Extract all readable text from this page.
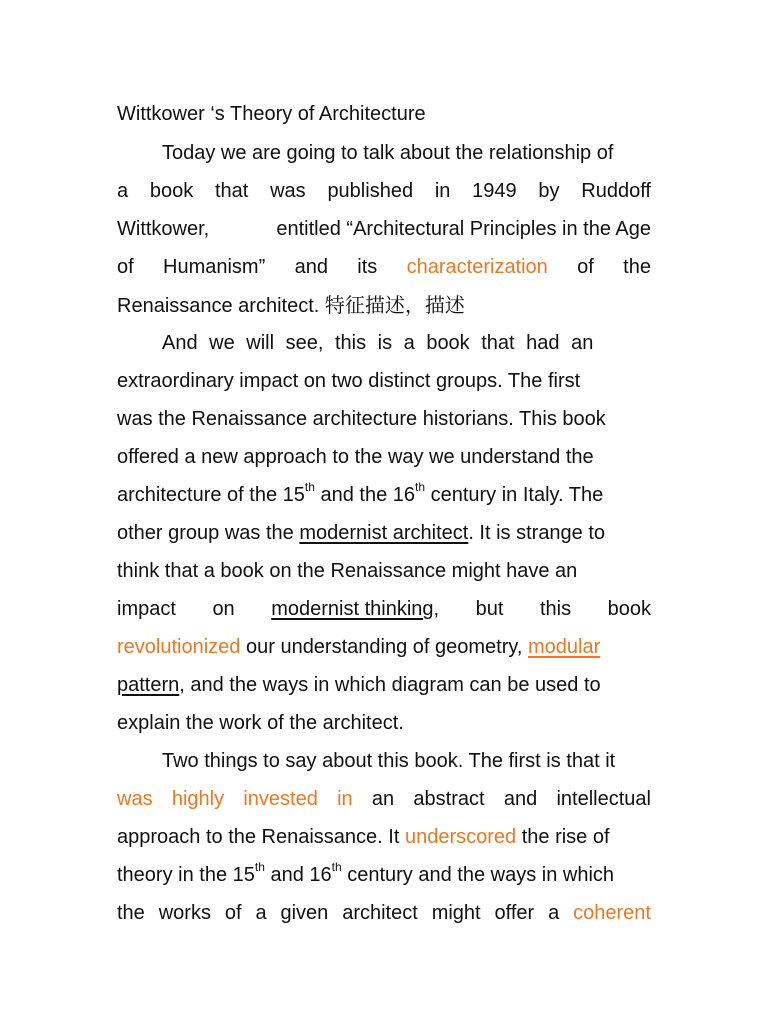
Wittkower ‘s Theory of Architecture
Today we are going to talk about the relationship of
a book that was published in 1949 by Ruddoff
Wittkower,	entitled “Architectural Principles in the Age
of Humanism” and its characterization of the
Renaissance architect. 特征描述，描述
And we will see, this is a book that had an
extraordinary impact on two distinct groups. The first
was the Renaissance architecture historians. This book
offered a new approach to the way we understand the
architecture of the 15th and the 16th century in Italy. The
other group was the modernist architect. It is strange to
think that a book on the Renaissance might have an
impact on modernist thinking, but this book
revolutionized our understanding of geometry, modular
pattern, and the ways in which diagram can be used to
explain the work of the architect.
Two things to say about this book. The first is that it
was highly invested in an abstract and intellectual
approach to the Renaissance. It underscored the rise of
theory in the 15th and 16th century and the ways in which
the works of a given architect might offer a coherent
